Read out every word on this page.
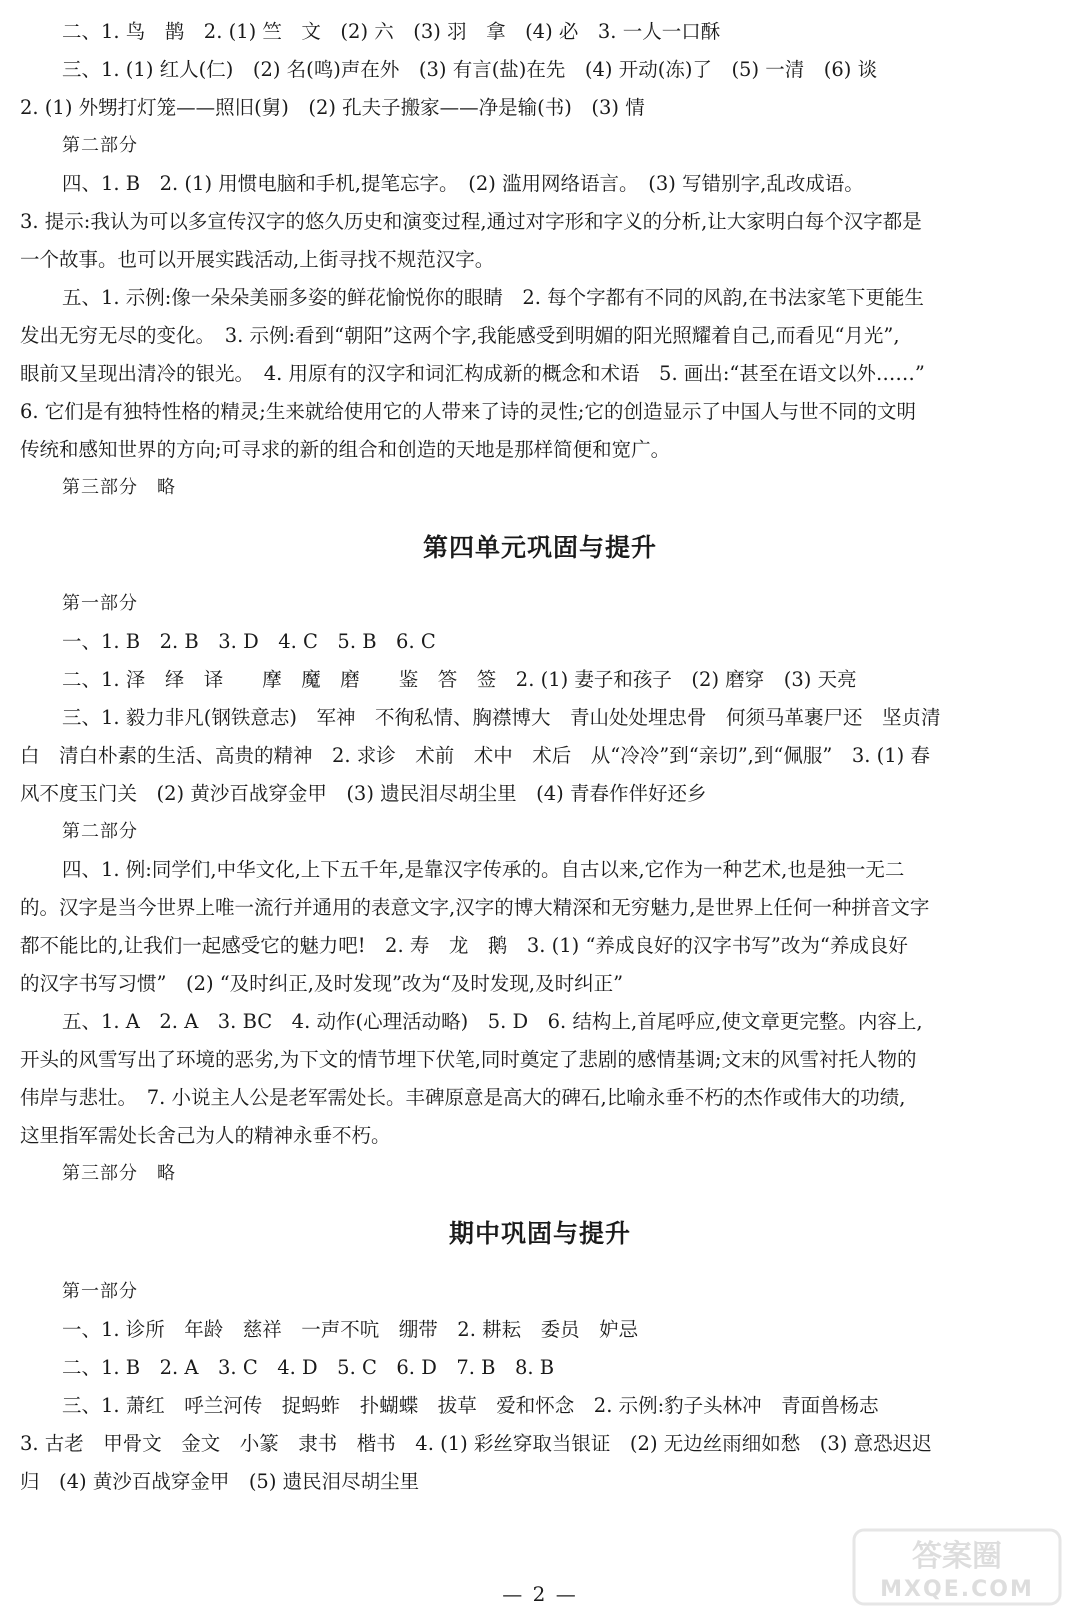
二、1. 鸟　鹊　2. (1) 竺　文　(2) 六　(3) 羽　拿　(4) 必　3. 一人一口酥
三、1. (1) 红人(仁)　(2) 名(鸣)声在外　(3) 有言(盐)在先　(4) 开动(冻)了　(5) 一清　(6) 谈
2. (1) 外甥打灯笼——照旧(舅)　(2) 孔夫子搬家——净是输(书)　(3) 情
第二部分
四、1. B　2. (1) 用惯电脑和手机,提笔忘字。　(2) 滥用网络语言。　(3) 写错别字,乱改成语。
3. 提示:我认为可以多宣传汉字的悠久历史和演变过程,通过对字形和字义的分析,让大家明白每个汉字都是
一个故事。也可以开展实践活动,上街寻找不规范汉字。
五、1. 示例:像一朵朵美丽多姿的鲜花愉悦你的眼睛　2. 每个字都有不同的风韵,在书法家笔下更能生
发出无穷无尽的变化。　3. 示例:看到“朝阳”这两个字,我能感受到明媚的阳光照耀着自己,而看见“月光”,
眼前又呈现出清冷的银光。　4. 用原有的汉字和词汇构成新的概念和术语　5. 画出:“甚至在语文以外……”
6. 它们是有独特性格的精灵;生来就给使用它的人带来了诗的灵性;它的创造显示了中国人与世不同的文明
传统和感知世界的方向;可寻求的新的组合和创造的天地是那样简便和宽广。
第三部分　略
第四单元巩固与提升
第一部分
一、1. B　2. B　3. D　4. C　5. B　6. C
二、1. 泽　绎　译　　摩　魔　磨　　鉴　答　签　2. (1) 妻子和孩子　(2) 磨穿　(3) 天亮
三、1. 毅力非凡(钢铁意志)　军神　不徇私情、胸襟博大　青山处处埋忠骨　何须马革裹尸还　坚贞清
白　清白朴素的生活、高贵的精神　2. 求诊　术前　术中　术后　从“冷冷”到“亲切”,到“佩服”　3. (1) 春
风不度玉门关　(2) 黄沙百战穿金甲　(3) 遗民泪尽胡尘里　(4) 青春作伴好还乡
第二部分
四、1. 例:同学们,中华文化,上下五千年,是靠汉字传承的。自古以来,它作为一种艺术,也是独一无二
的。汉字是当今世界上唯一流行并通用的表意文字,汉字的博大精深和无穷魅力,是世界上任何一种拼音文字
都不能比的,让我们一起感受它的魅力吧!　2. 寿　龙　鹅　3. (1) “养成良好的汉字书写”改为“养成良好
的汉字书写习惯”　(2) “及时纠正,及时发现”改为“及时发现,及时纠正”
五、1. A　2. A　3. BC　4. 动作(心理活动略)　5. D　6. 结构上,首尾呼应,使文章更完整。内容上,
开头的风雪写出了环境的恶劣,为下文的情节埋下伏笔,同时奠定了悲剧的感情基调;文末的风雪衬托人物的
伟岸与悲壮。　7. 小说主人公是老军需处长。丰碑原意是高大的碑石,比喻永垂不朽的杰作或伟大的功绩,
这里指军需处长舍己为人的精神永垂不朽。
第三部分　略
期中巩固与提升
第一部分
一、1. 诊所　年龄　慈祥　一声不吭　绷带　2. 耕耘　委员　妒忌
二、1. B　2. A　3. C　4. D　5. C　6. D　7. B　8. B
三、1. 萧红　呼兰河传　捉蚂蚱　扑蝴蝶　拔草　爱和怀念　2. 示例:豹子头林冲　青面兽杨志
3. 古老　甲骨文　金文　小篆　隶书　楷书　4. (1) 彩丝穿取当银证　(2) 无边丝雨细如愁　(3) 意恐迟迟
归　(4) 黄沙百战穿金甲　(5) 遗民泪尽胡尘里
— 2 —
答案圈
MXQE.COM
